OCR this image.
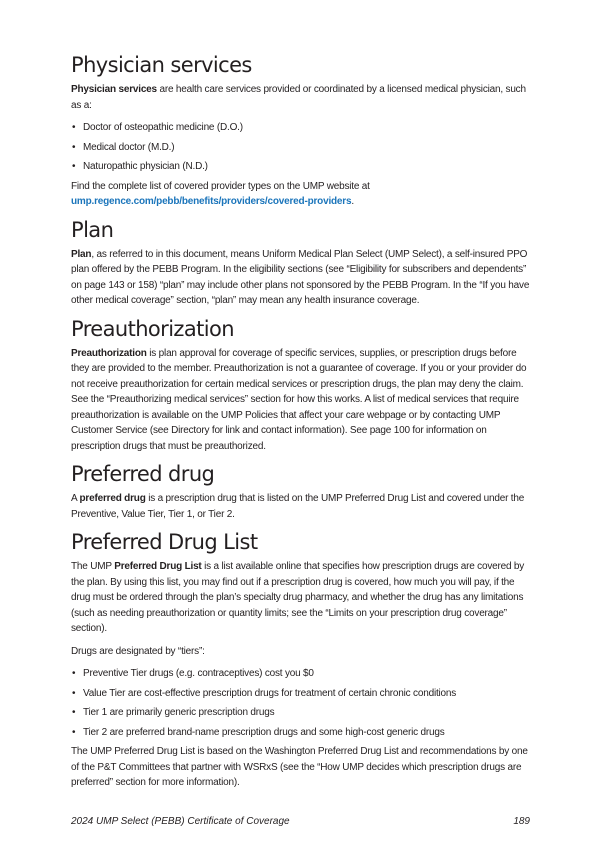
Physician services

Physician services are health care services provided or coordinated by a licensed medical physician, such as a:

• Doctor of osteopathic medicine (D.O.)
• Medical doctor (M.D.)
• Naturopathic physician (N.D.)

Find the complete list of covered provider types on the UMP website at
ump.regence.com/pebb/benefits/providers/covered-providers.

Plan

Plan, as referred to in this document, means Uniform Medical Plan Select (UMP Select), a self-insured PPO plan offered by the PEBB Program. In the eligibility sections (see “Eligibility for subscribers and dependents” on page 143 or 158) “plan” may include other plans not sponsored by the PEBB Program. In the “If you have other medical coverage” section, “plan” may mean any health insurance coverage.

Preauthorization

Preauthorization is plan approval for coverage of specific services, supplies, or prescription drugs before they are provided to the member. Preauthorization is not a guarantee of coverage. If you or your provider do not receive preauthorization for certain medical services or prescription drugs, the plan may deny the claim. See the “Preauthorizing medical services” section for how this works. A list of medical services that require preauthorization is available on the UMP Policies that affect your care webpage or by contacting UMP Customer Service (see Directory for link and contact information). See page 100 for information on prescription drugs that must be preauthorized.

Preferred drug

A preferred drug is a prescription drug that is listed on the UMP Preferred Drug List and covered under the Preventive, Value Tier, Tier 1, or Tier 2.

Preferred Drug List

The UMP Preferred Drug List is a list available online that specifies how prescription drugs are covered by the plan. By using this list, you may find out if a prescription drug is covered, how much you will pay, if the drug must be ordered through the plan’s specialty drug pharmacy, and whether the drug has any limitations (such as needing preauthorization or quantity limits; see the “Limits on your prescription drug coverage” section).

Drugs are designated by “tiers”:

• Preventive Tier drugs (e.g. contraceptives) cost you $0
• Value Tier are cost-effective prescription drugs for treatment of certain chronic conditions
• Tier 1 are primarily generic prescription drugs
• Tier 2 are preferred brand-name prescription drugs and some high-cost generic drugs

The UMP Preferred Drug List is based on the Washington Preferred Drug List and recommendations by one of the P&T Committees that partner with WSRxS (see the “How UMP decides which prescription drugs are preferred” section for more information).

2024 UMP Select (PEBB) Certificate of Coverage	189
